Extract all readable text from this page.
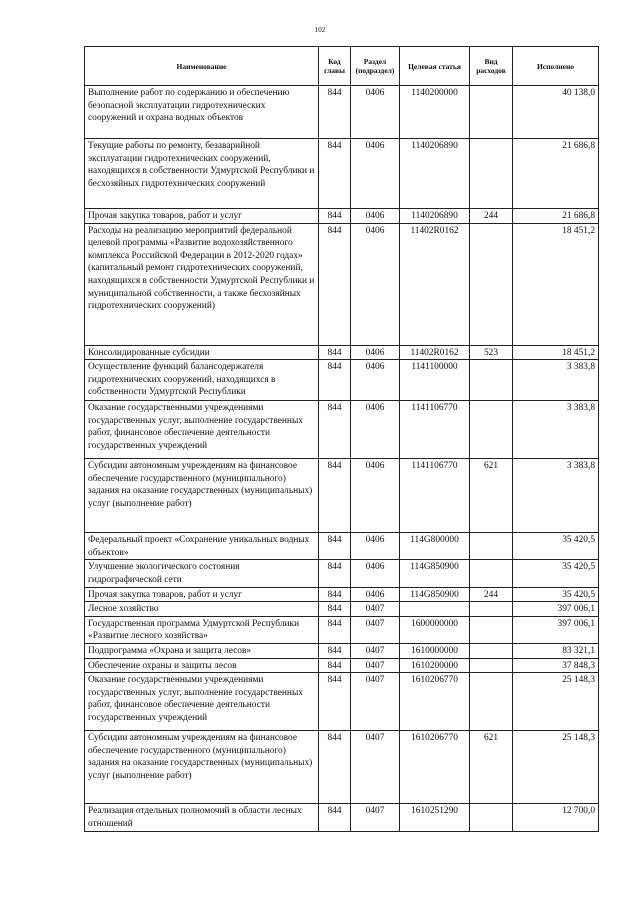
102
Наименование	Код главы	Раздел (подраздел)	Целевая статья	Вид расходов	Исполнено
Выполнение работ по содержанию и обеспечению безопасной эксплуатации гидротехнических сооружений и охрана водных объектов	844	0406	1140200000		40 138,0
Текущие работы по ремонту, безаварийной эксплуатации гидротехнических сооружений, находящихся в собственности Удмуртской Республики и бесхозяйных гидротехнических сооружений	844	0406	1140206890		21 686,8
Прочая закупка товаров, работ и услуг	844	0406	1140206890	244	21 686,8
Расходы на реализацию мероприятий федеральной целевой программы «Развитие водохозяйственного комплекса Российской Федерации в 2012-2020 годах» (капитальный ремонт гидротехнических сооружений, находящихся в собственности Удмуртской Республики и муниципальной собственности, а также бесхозяйных гидротехнических сооружений)	844	0406	11402R0162		18 451,2
Консолидированные субсидии	844	0406	11402R0162	523	18 451,2
Осуществление функций балансодержателя гидротехнических сооружений, находящихся в собственности Удмуртской Республики	844	0406	1141100000		3 383,8
Оказание государственными учреждениями государственных услуг, выполнение государственных работ, финансовое обеспечение деятельности государственных учреждений	844	0406	1141106770		3 383,8
Субсидии автономным учреждениям на финансовое обеспечение государственного (муниципального) задания на оказание государственных (муниципальных) услуг (выполнение работ)	844	0406	1141106770	621	3 383,8
Федеральный проект «Сохранение уникальных водных объектов»	844	0406	114G800000		35 420,5
Улучшение экологического состояния гидрографической сети	844	0406	114G850900		35 420,5
Прочая закупка товаров, работ и услуг	844	0406	114G850900	244	35 420,5
Лесное хозяйство	844	0407			397 006,1
Государственная программа Удмуртской Республики «Развитие лесного хозяйства»	844	0407	1600000000		397 006,1
Подпрограмма «Охрана и защита лесов»	844	0407	1610000000		83 321,1
Обеспечение охраны и защиты лесов	844	0407	1610200000		37 848,3
Оказание государственными учреждениями государственных услуг, выполнение государственных работ, финансовое обеспечение деятельности государственных учреждений	844	0407	1610206770		25 148,3
Субсидии автономным учреждениям на финансовое обеспечение государственного (муниципального) задания на оказание государственных (муниципальных) услуг (выполнение работ)	844	0407	1610206770	621	25 148,3
Реализация отдельных полномочий в области лесных отношений	844	0407	1610251290		12 700,0
